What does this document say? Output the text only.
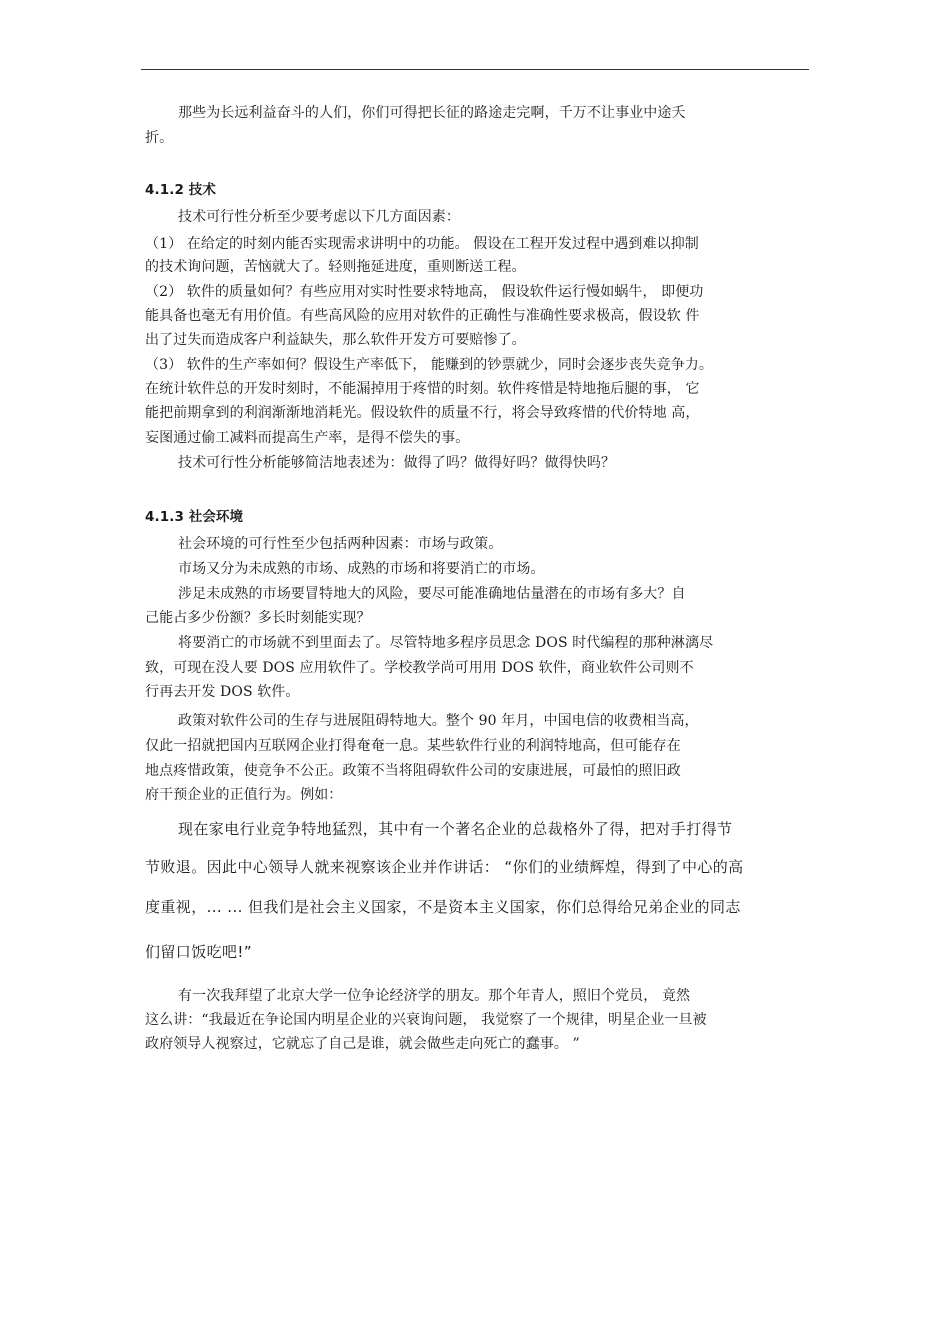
那些为长远利益奋斗的人们，你们可得把长征的路途走完啊，千万不让事业中途夭
折。
4.1.2 技术
技术可行性分析至少要考虑以下几方面因素：
（1） 在给定的时刻内能否实现需求讲明中的功能。 假设在工程开发过程中遇到难以抑制
的技术询问题，苦恼就大了。轻则拖延进度，重则断送工程。
（2） 软件的质量如何？有些应用对实时性要求特地高， 假设软件运行慢如蜗牛， 即便功
能具备也毫无有用价值。有些高风险的应用对软件的正确性与准确性要求极高，假设软 件
出了过失而造成客户利益缺失，那么软件开发方可要赔惨了。
（3） 软件的生产率如何？假设生产率低下， 能赚到的钞票就少，同时会逐步丧失竞争力。
在统计软件总的开发时刻时，不能漏掉用于疼惜的时刻。软件疼惜是特地拖后腿的事， 它
能把前期拿到的利润渐渐地消耗光。假设软件的质量不行，将会导致疼惜的代价特地 高，
妄图通过偷工减料而提高生产率，是得不偿失的事。
技术可行性分析能够简洁地表述为：做得了吗？做得好吗？做得快吗？
4.1.3 社会环境
社会环境的可行性至少包括两种因素：市场与政策。
市场又分为未成熟的市场、成熟的市场和将要消亡的市场。
涉足未成熟的市场要冒特地大的风险，要尽可能准确地估量潜在的市场有多大？自
己能占多少份额？多长时刻能实现？
将要消亡的市场就不到里面去了。尽管特地多程序员思念 DOS 时代编程的那种淋漓尽
致，可现在没人要 DOS 应用软件了。学校教学尚可用用 DOS 软件，商业软件公司则不
行再去开发 DOS 软件。
政策对软件公司的生存与进展阻碍特地大。整个 90 年月，中国电信的收费相当高，
仅此一招就把国内互联网企业打得奄奄一息。某些软件行业的利润特地高，但可能存在
地点疼惜政策，使竞争不公正。政策不当将阻碍软件公司的安康进展，可最怕的照旧政
府干预企业的正值行为。例如：
现在家电行业竞争特地猛烈，其中有一个著名企业的总裁格外了得，把对手打得节
节败退。因此中心领导人就来视察该企业并作讲话： “你们的业绩辉煌，得到了中心的高
度重视，... ... 但我们是社会主义国家，不是资本主义国家，你们总得给兄弟企业的同志
们留口饭吃吧!”
有一次我拜望了北京大学一位争论经济学的朋友。那个年青人，照旧个党员， 竟然
这么讲：“我最近在争论国内明星企业的兴衰询问题， 我觉察了一个规律，明星企业一旦被
政府领导人视察过，它就忘了自己是谁，就会做些走向死亡的蠢事。 ”
